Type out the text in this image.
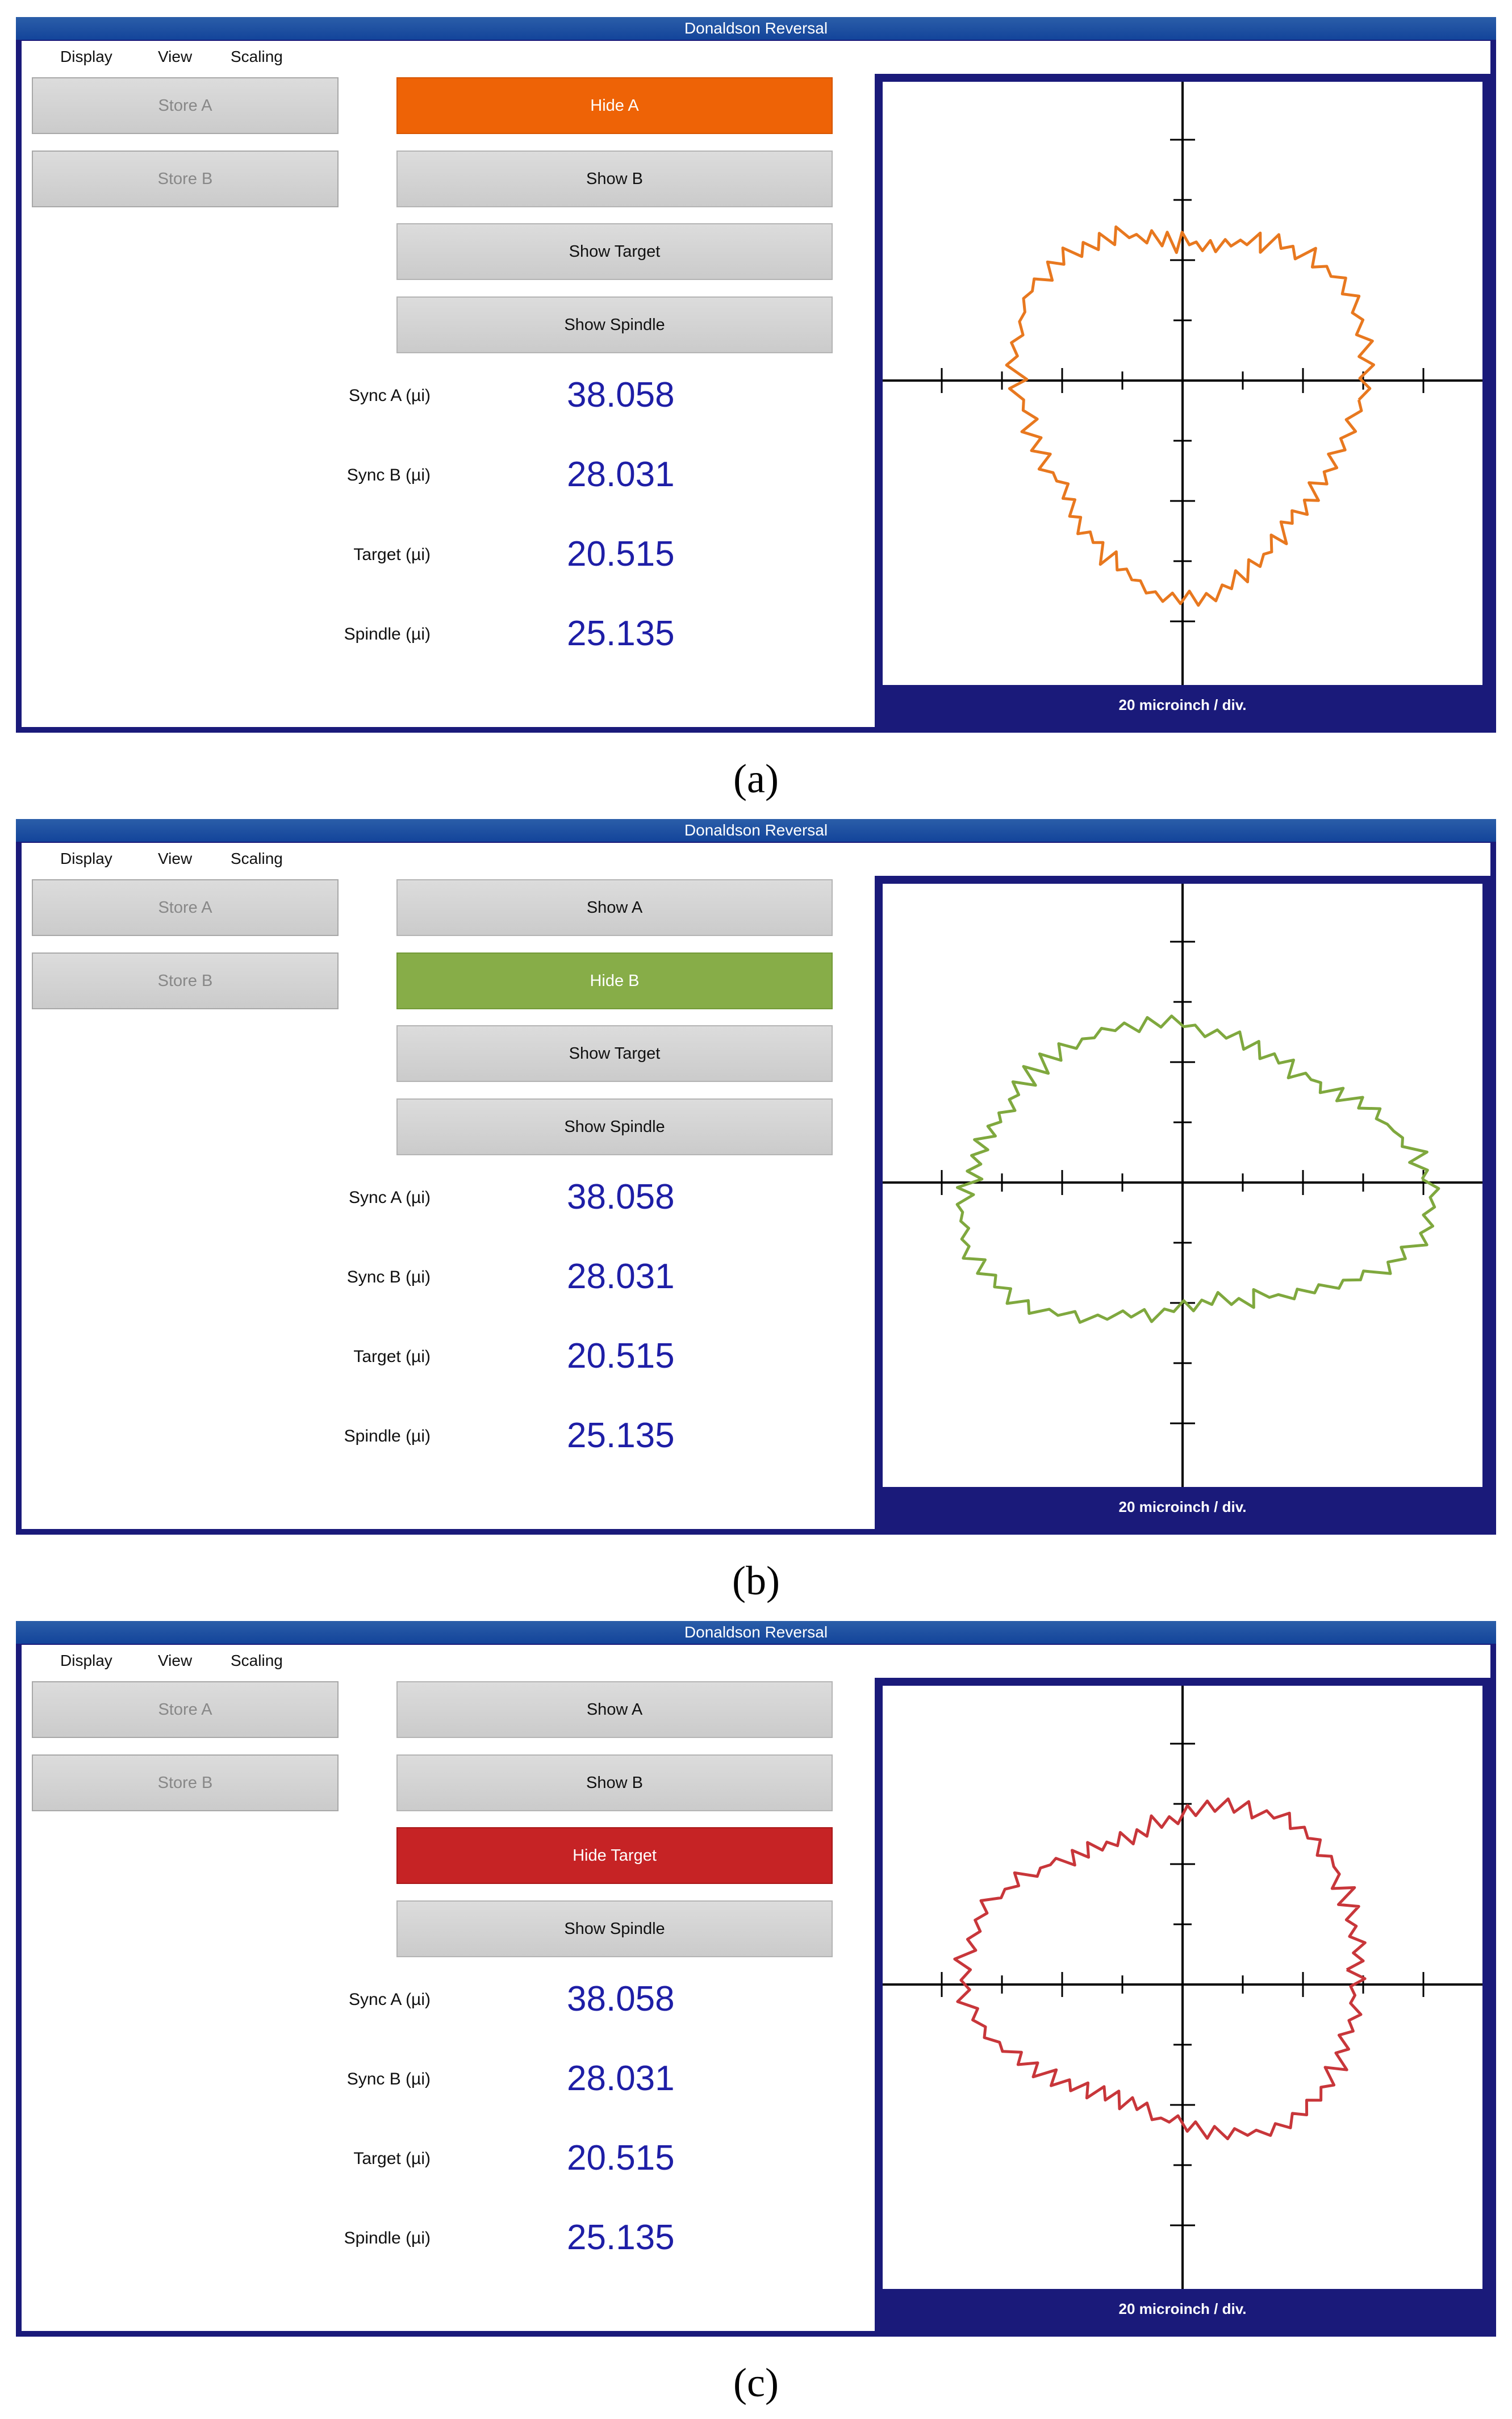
Donaldson Reversal
Display	View Scaling
Store A
Store B
Hide A
Show B
Show Target
Show Spindle
Sync A (µi)	38.058
Sync B (µi)	28.031
Target (µi)	20.515
Spindle (µi)	25.135
20 microinch / div.
(a)
Donaldson Reversal
Display	View Scaling
Store A
Store B
Show A
Hide B
Show Target
Show Spindle
Sync A (µi)	38.058
Sync B (µi)	28.031
Target (µi)	20.515
Spindle (µi)	25.135
20 microinch / div.
(b)
Donaldson Reversal
Display	View Scaling
Store A
Store B
Show A
Show B
Hide Target
Show Spindle
Sync A (µi)	38.058
Sync B (µi)	28.031
Target (µi)	20.515
Spindle (µi)	25.135
20 microinch / div.
(c)
